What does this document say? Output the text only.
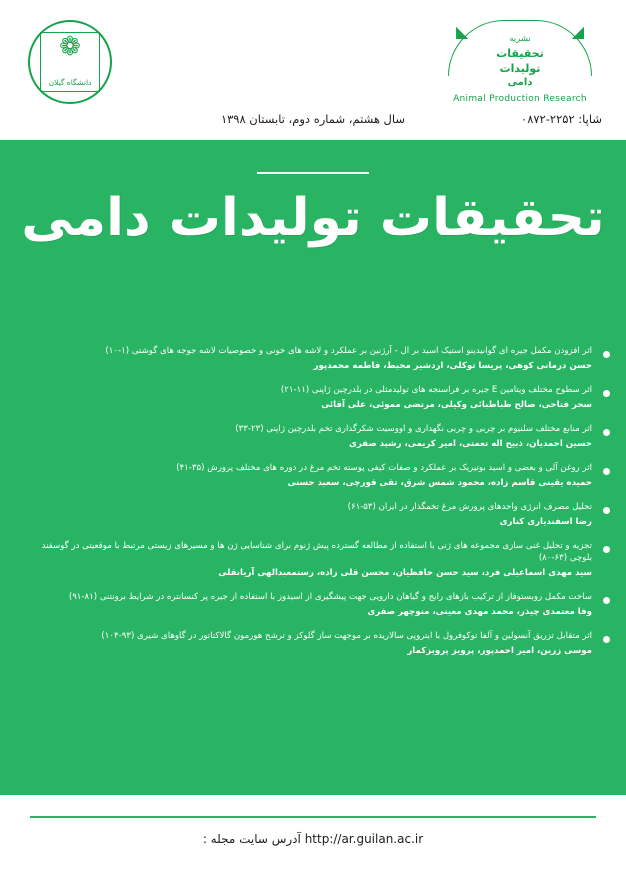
❁
دانشگاه گیلان
◣	◢
نشریه
تحقیقات
تولیدات
دامی
Animal Production Research
سال هشتم، شماره دوم، تابستان ۱۳۹۸	شاپا: ۲۲۵۲-۰۸۷۲
تحقیقات تولیدات دامی
اثر افزودن مکمل جیره ای گوانیدینو استیک اسید بر ال - آرژنین بر عملکرد و لاشه های خونی و خصوصیات لاشه جوجه های گوشتی (۱-۱۰)
حسن درمانی کوهی، پریسا توکلی، اردشیر محیط، فاطمه محمدپور
اثر سطوح مختلف ویتامین E جیره بر فراسنجه های تولیدمثلی در بلدرچین ژاپنی (۱۱-۲۱)
سحر فتاحی، صالح طباطبائی وکیلی، مرتضی مموئی، علی آقائی
اثر منابع مختلف سلنیوم بر چربی و چربی نگهداری و اووسیت شکرگذاری تخم بلدرچین ژاپنی (۲۳-۳۳)
حسین احمدیان، ذبیح اله تعمتی، امیر کریمی، رشید صفری
اثر روغن آلی و بعضی و اسید بوتیریک بر عملکرد و صفات کیفی پوسته تخم مرغ در دوره های مختلف پرورش (۳۵-۴۱)
حمیده یقینی قاسم زاده، محمود شمس شرق، تقی قورچی، سعید حسنی
تحلیل مصرف انرژی واحدهای پرورش مرغ تخمگذار در ایران (۵۳-۶۱)
رضا اسفندیاری کناری
تجزیه و تحلیل غنی سازی مجموعه های ژنی با استفاده از مطالعه گسترده پیش ژنوم برای شناسایی ژن ها و مسیرهای زیستی مرتبط با موقعیتی در گوسفند بلوچی (۶۳-۸۰)
سید مهدی اسماعیلی فرد، سید حسن حافظیان، محسن قلی زاده، رستمعبدالهی آریانقلی
ساخت مکمل روبستوفاز از ترکیب بازهای رایج و گیاهان دارویی جهت پیشگیری از اسیدوز با استفاده از جیره پر کنسانتره در شرایط برونتنی (۸۱-۹۱)
وفا معتمدی چیذر، محمد مهدی معینی، منوچهر صفری
اثر متقابل تزریق آنسولین و آلفا توکوفرول با ایتروپی سالاریده بر موجهت ساز گلوکز و ترشح هورمون گالاکتاتور در گاوهای شیری (۹۳-۱۰۴)
موسی زرین، امیر احمدپور، پرویز پرویزکمار
http://ar.guilan.ac.ir آدرس سایت مجله :
